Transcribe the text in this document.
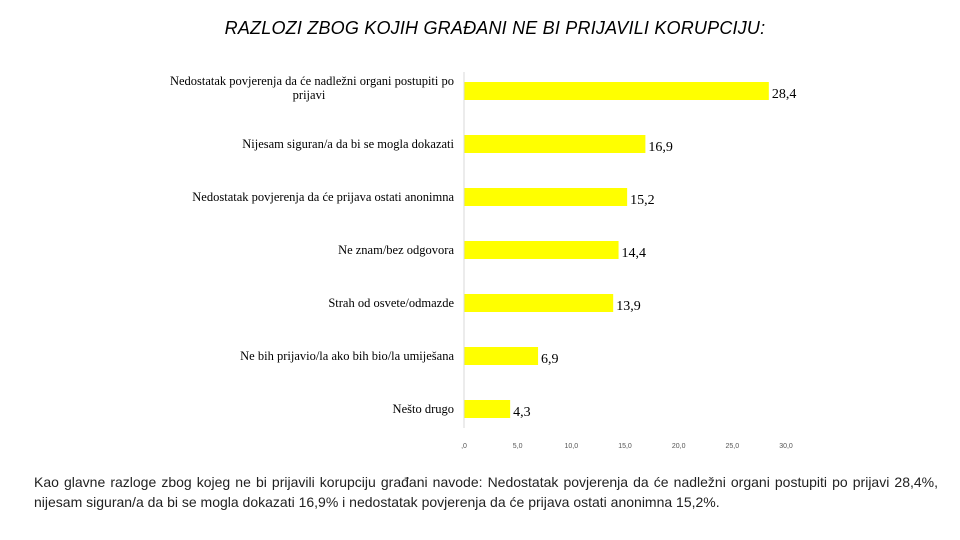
RAZLOZI ZBOG KOJIH GRAĐANI NE BI PRIJAVILI KORUPCIJU:
Nedostatak povjerenja da će nadležni organi postupiti po prijavi	28,4
Nijesam siguran/a da bi se mogla dokazati	16,9
Nedostatak povjerenja da će prijava ostati anonimna	15,2
Ne znam/bez odgovora	14,4
Strah od osvete/odmazde	13,9
Ne bih prijavio/la ako bih bio/la umiješana	6,9
Nešto drugo	4,3
,0	5,0	10,0	15,0	20,0	25,0	30,0
Kao glavne razloge zbog kojeg ne bi prijavili korupciju građani navode: Nedostatak povjerenja da će nadležni organi postupiti po prijavi 28,4%, nijesam siguran/a da bi se mogla dokazati 16,9% i nedostatak povjerenja da će prijava ostati anonimna 15,2%.
